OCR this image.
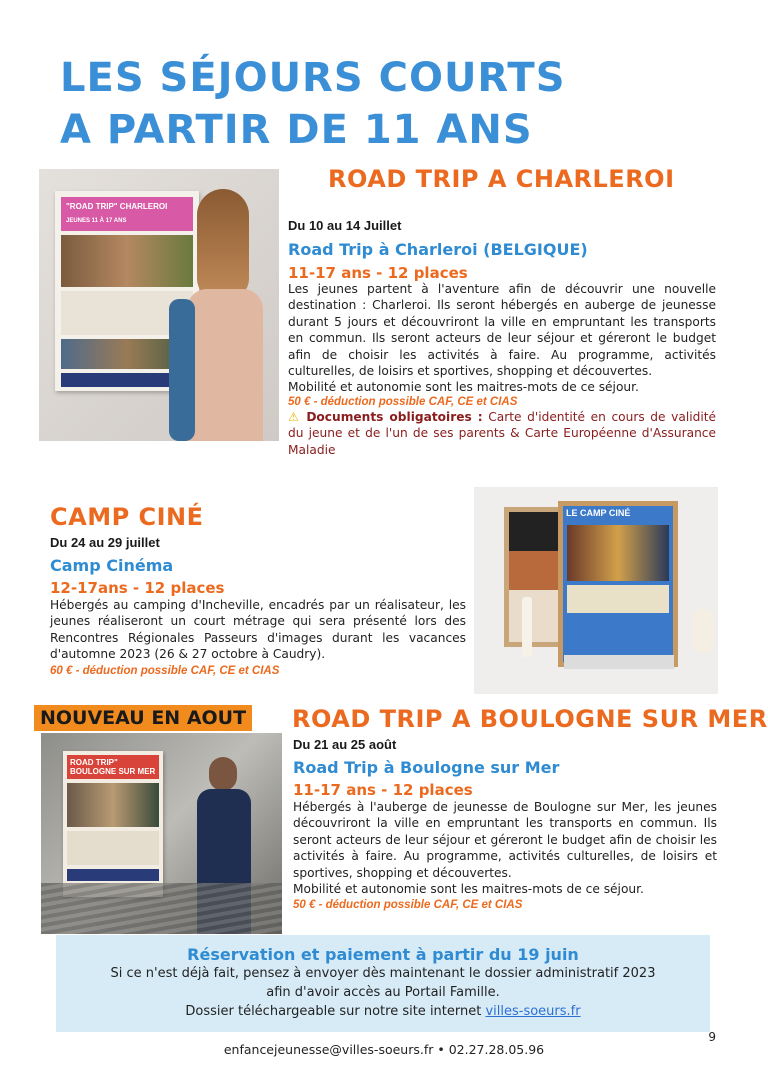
LES SÉJOURS COURTS
A PARTIR DE 11 ANS
"ROAD TRIP" CHARLEROI
JEUNES 11 À 17 ANS
ROAD TRIP A CHARLEROI
Du 10 au 14 Juillet
Road Trip à Charleroi (BELGIQUE)
11-17 ans - 12 places

Les jeunes partent à l'aventure afin de découvrir une nouvelle destination : Charleroi. Ils seront hébergés en auberge de jeunesse durant 5 jours et découvriront la ville en empruntant les transports en commun. Ils seront acteurs de leur séjour et géreront le budget afin de choisir les activités à faire. Au programme, activités culturelles, de loisirs et sportives, shopping et découvertes.

Mobilité et autonomie sont les maitres-mots de ce séjour.

50 € - déduction possible CAF, CE et CIAS

⚠ Documents obligatoires : Carte d'identité en cours de validité du jeune et de l'un de ses parents & Carte Européenne d'Assurance Maladie

CAMP CINÉ
Du 24 au 29 juillet
Camp Cinéma
12-17ans - 12 places

Hébergés au camping d'Incheville, encadrés par un réalisateur, les jeunes réaliseront un court métrage qui sera présenté lors des Rencontres Régionales Passeurs d'images durant les vacances d'automne 2023 (26 & 27 octobre à Caudry).

60 € - déduction possible CAF, CE et CIAS
LE CAMP CINÉ
NOUVEAU EN AOUT ROAD TRIP A BOULOGNE SUR MER
ROAD TRIP" BOULOGNE SUR MER
Du 21 au 25 août
Road Trip à Boulogne sur Mer
11-17 ans - 12 places

Hébergés à l'auberge de jeunesse de Boulogne sur Mer, les jeunes découvriront la ville en empruntant les transports en commun. Ils seront acteurs de leur séjour et géreront le budget afin de choisir les activités à faire. Au programme, activités culturelles, de loisirs et sportives, shopping et découvertes.

Mobilité et autonomie sont les maitres-mots de ce séjour.

50 € - déduction possible CAF, CE et CIAS
Réservation et paiement à partir du 19 juin
Si ce n'est déjà fait, pensez à envoyer dès maintenant le dossier administratif 2023
afin d'avoir accès au Portail Famille.
Dossier téléchargeable sur notre site internet villes-soeurs.fr
enfancejeunesse@villes-soeurs.fr • 02.27.28.05.96
9
